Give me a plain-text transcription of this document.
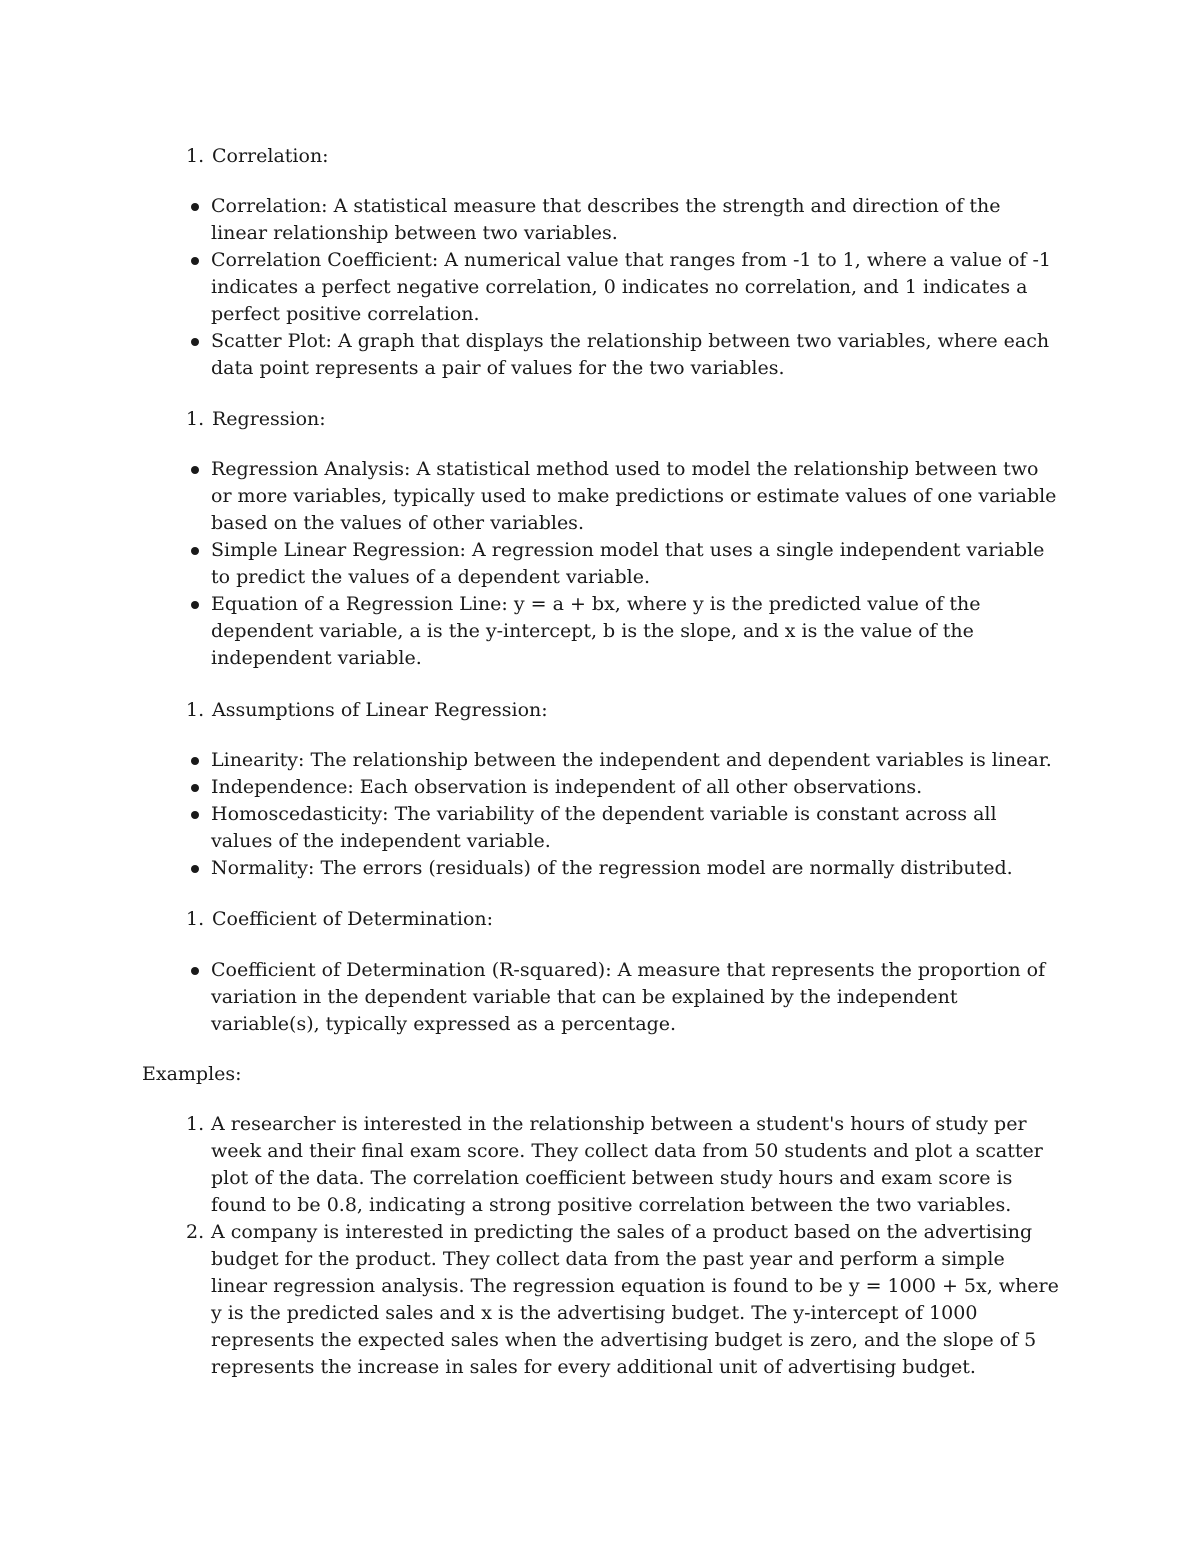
1. Correlation:

Correlation: A statistical measure that describes the strength and direction of the linear relationship between two variables.
Correlation Coefficient: A numerical value that ranges from -1 to 1, where a value of -1 indicates a perfect negative correlation, 0 indicates no correlation, and 1 indicates a perfect positive correlation.
Scatter Plot: A graph that displays the relationship between two variables, where each data point represents a pair of values for the two variables.

1. Regression:

Regression Analysis: A statistical method used to model the relationship between two or more variables, typically used to make predictions or estimate values of one variable based on the values of other variables.
Simple Linear Regression: A regression model that uses a single independent variable to predict the values of a dependent variable.
Equation of a Regression Line: y = a + bx, where y is the predicted value of the dependent variable, a is the y-intercept, b is the slope, and x is the value of the independent variable.

1. Assumptions of Linear Regression:

Linearity: The relationship between the independent and dependent variables is linear.
Independence: Each observation is independent of all other observations.
Homoscedasticity: The variability of the dependent variable is constant across all values of the independent variable.
Normality: The errors (residuals) of the regression model are normally distributed.

1. Coefficient of Determination:

Coefficient of Determination (R-squared): A measure that represents the proportion of variation in the dependent variable that can be explained by the independent variable(s), typically expressed as a percentage.

Examples:

1. A researcher is interested in the relationship between a student's hours of study per week and their final exam score. They collect data from 50 students and plot a scatter plot of the data. The correlation coefficient between study hours and exam score is found to be 0.8, indicating a strong positive correlation between the two variables.
2. A company is interested in predicting the sales of a product based on the advertising budget for the product. They collect data from the past year and perform a simple linear regression analysis. The regression equation is found to be y = 1000 + 5x, where y is the predicted sales and x is the advertising budget. The y-intercept of 1000 represents the expected sales when the advertising budget is zero, and the slope of 5 represents the increase in sales for every additional unit of advertising budget.
